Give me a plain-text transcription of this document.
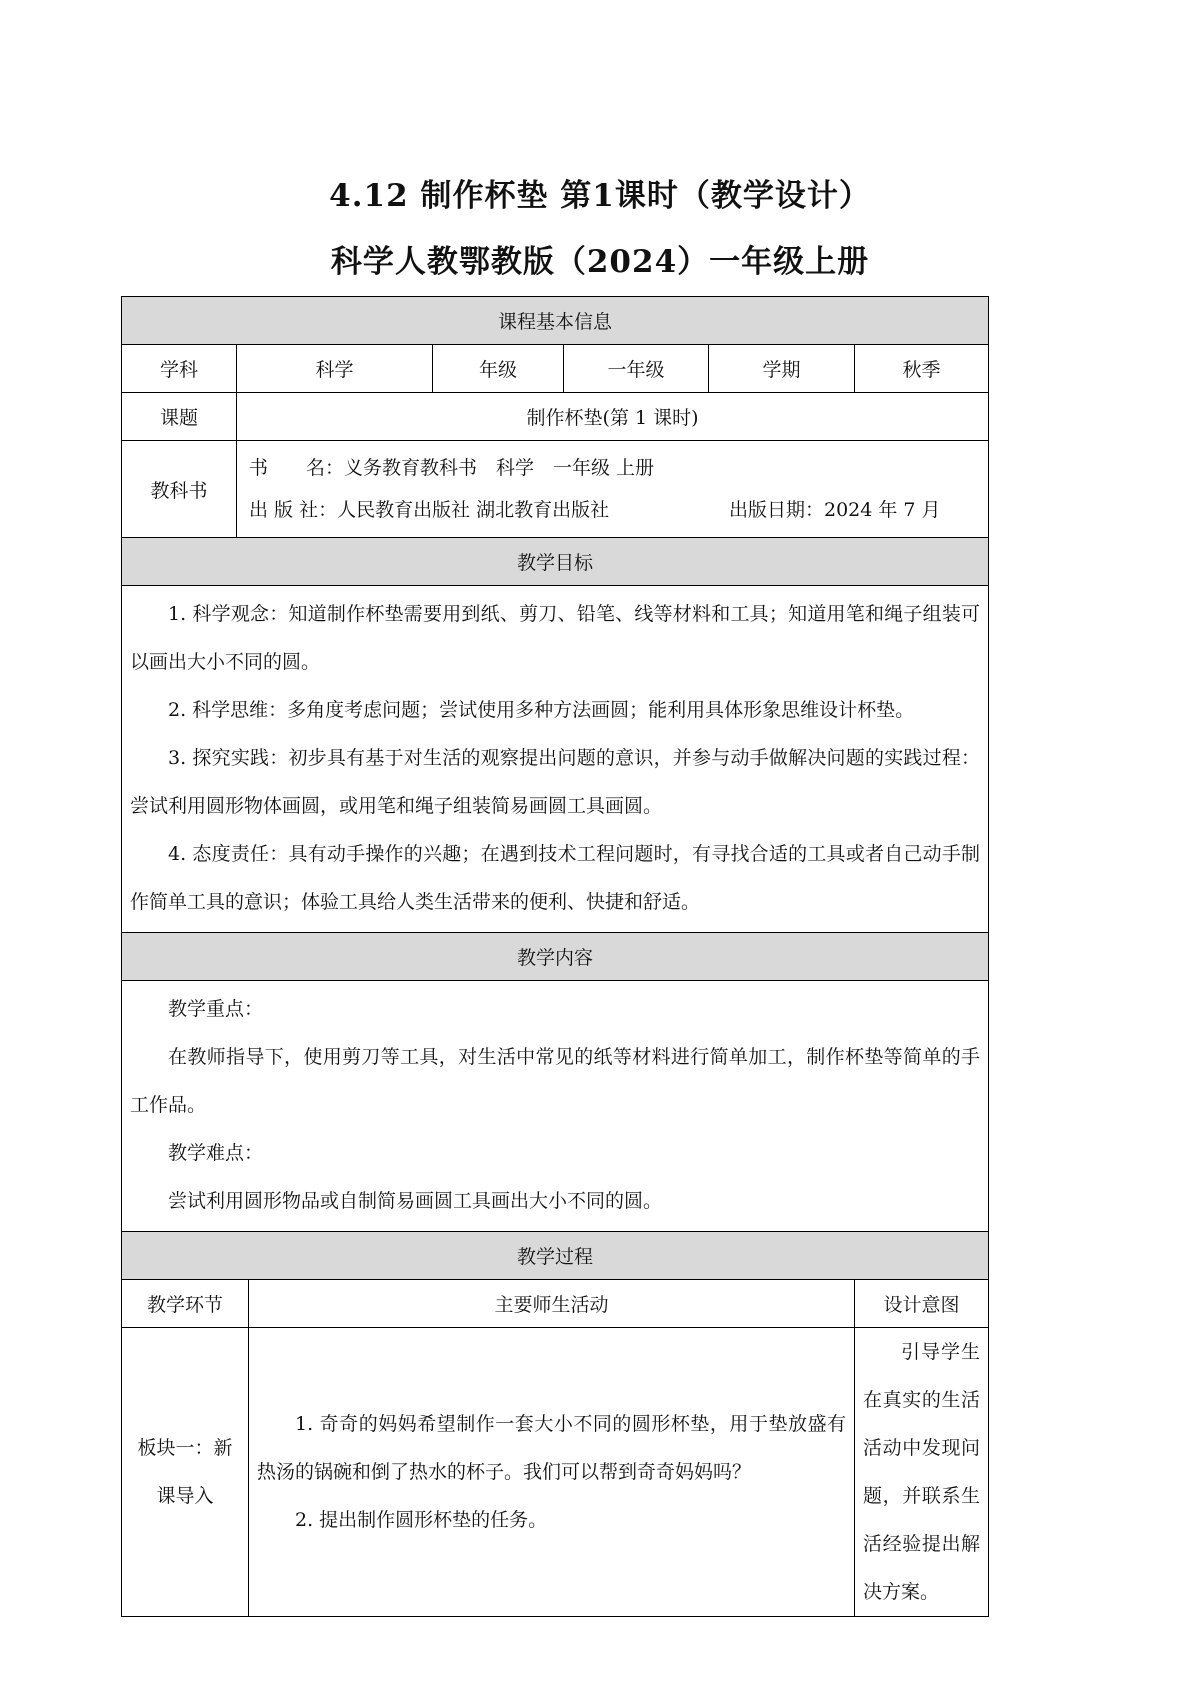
4.12 制作杯垫 第1课时（教学设计）
科学人教鄂教版（2024）一年级上册
课程基本信息						
学科	科学		年级	一年级	学期	秋季
课题	制作杯垫(第 1 课时)					
教科书	书　　名：义务教育教科书　科学　一年级 上册
出 版 社：人民教育出版社 湖北教育出版社 出版日期：2024 年 7 月					

教学目标						

1. 科学观念：知道制作杯垫需要用到纸、剪刀、铅笔、线等材料和工具；知道用笔和绳子组装可以画出大小不同的圆。

2. 科学思维：多角度考虑问题；尝试使用多种方法画圆；能利用具体形象思维设计杯垫。

3. 探究实践：初步具有基于对生活的观察提出问题的意识，并参与动手做解决问题的实践过程：尝试利用圆形物体画圆，或用笔和绳子组装简易画圆工具画圆。

4. 态度责任：具有动手操作的兴趣；在遇到技术工程问题时，有寻找合适的工具或者自己动手制作简单工具的意识；体验工具给人类生活带来的便利、快捷和舒适。						

教学内容						

教学重点：

在教师指导下，使用剪刀等工具，对生活中常见的纸等材料进行简单加工，制作杯垫等简单的手工作品。

教学难点：

尝试利用圆形物品或自制简易画圆工具画出大小不同的圆。						

教学过程						
教学环节		主要师生活动				设计意图
板块一：新课导入		1. 奇奇的妈妈希望制作一套大小不同的圆形杯垫，用于垫放盛有热汤的锅碗和倒了热水的杯子。我们可以帮到奇奇妈妈吗？

2. 提出制作圆形杯垫的任务。				引导学生在真实的生活活动中发现问题，并联系生活经验提出解决方案。
